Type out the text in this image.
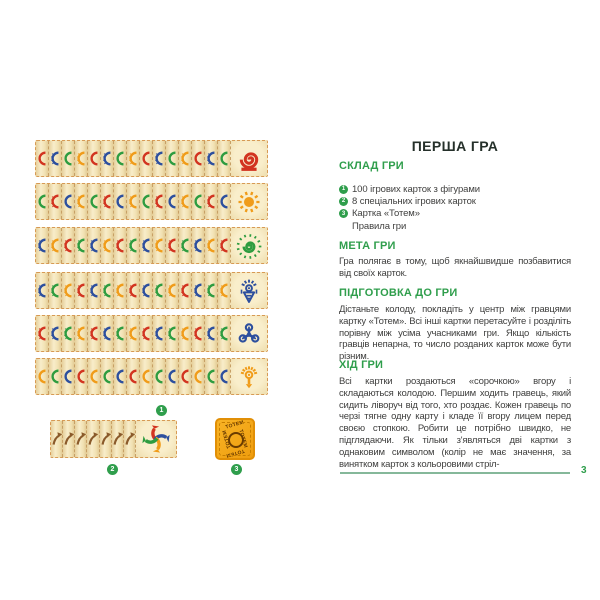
TOTEM
TOTEM
TOTEM
TOTEM
1
2	3
ПЕРША ГРА
СКЛАД ГРИ
1 100 ігрових карток з фігурами
2 8 спеціальних ігрових карток
3 Картка «Тотем»
Правила гри
МЕТА ГРИ

Гра полягає в тому, щоб якнайшвидше позбавитися від своїх карток.

ПІДГОТОВКА ДО ГРИ

Дістаньте колоду, покладіть у центр між гравцями картку «Тотем». Всі інші картки перетасуйте і розділіть порівну між усіма учасниками гри. Якщо кількість гравців непарна, то число розданих карток може бути різним.

ХІД ГРИ

Всі картки роздаються «сорочкою» вгору і складаються колодою. Першим ходить гравець, який сидить ліворуч від того, хто роздає. Кожен гравець по черзі тягне одну карту і кладе її вгору лицем перед своєю стопкою. Робити це потрібно швидко, не підглядаючи. Як тільки з'являться дві картки з однаковим символом (колір не має значення, за винятком карток з кольоровими стріл-

3
